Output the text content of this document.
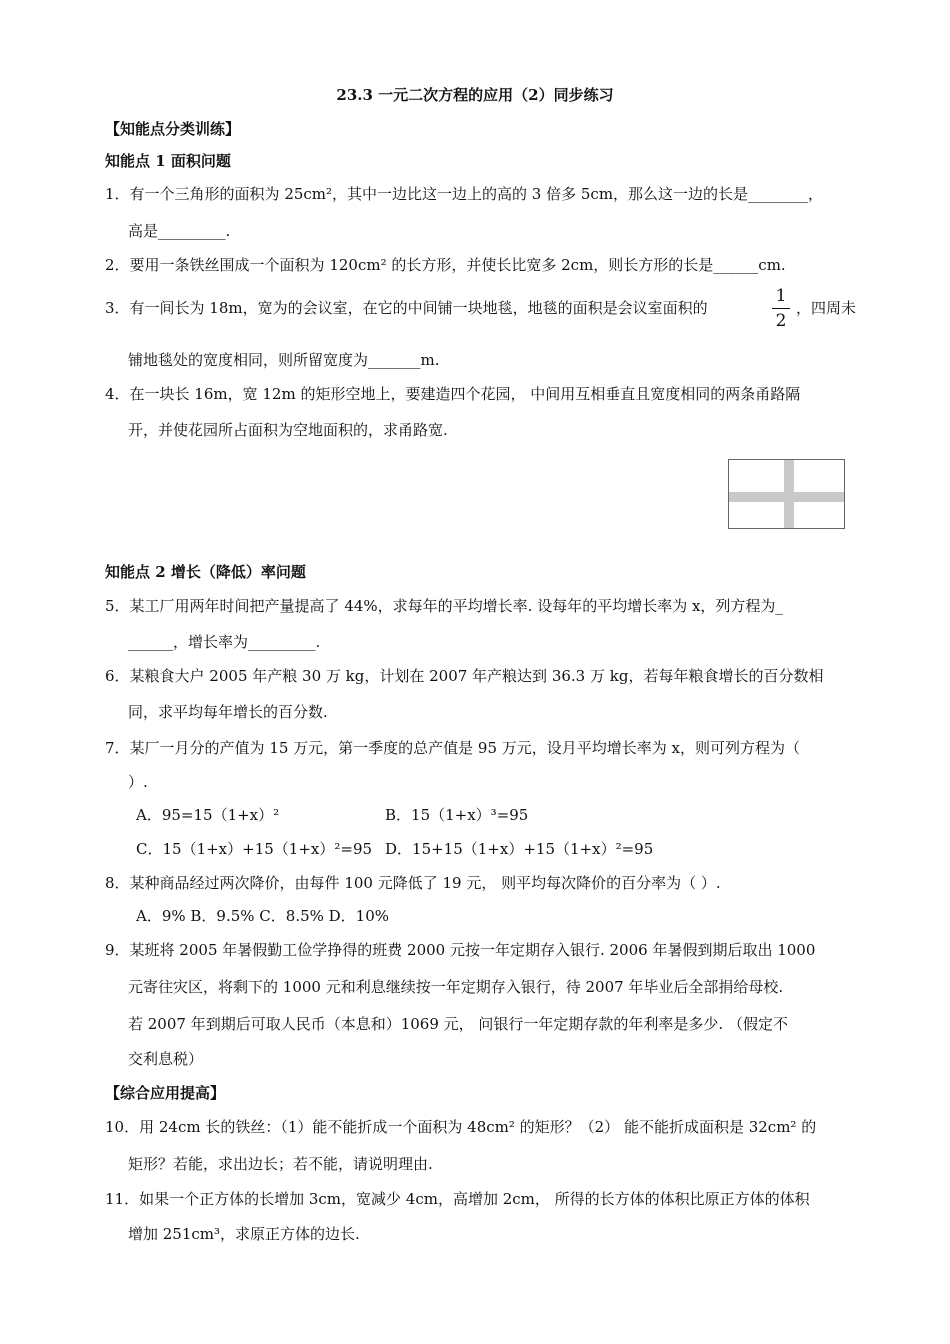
23.3 一元二次方程的应用（2）同步练习
【知能点分类训练】
知能点 1 面积问题
1．有一个三角形的面积为 25cm²，其中一边比这一边上的高的 3 倍多 5cm，那么这一边的长是________，
高是_________.
2．要用一条铁丝围成一个面积为 120cm² 的长方形，并使长比宽多 2cm，则长方形的长是______cm.
3．有一间长为 18m，宽为的会议室，在它的中间铺一块地毯，地毯的面积是会议室面积的
1
2
，四周未
铺地毯处的宽度相同，则所留宽度为_______m.
4．在一块长 16m，宽 12m 的矩形空地上，要建造四个花园， 中间用互相垂直且宽度相同的两条甬路隔
开，并使花园所占面积为空地面积的，求甬路宽.
知能点 2 增长（降低）率问题
5．某工厂用两年时间把产量提高了 44%，求每年的平均增长率. 设每年的平均增长率为 x，列方程为_
______，增长率为_________.
6．某粮食大户 2005 年产粮 30 万 kg，计划在 2007 年产粮达到 36.3 万 kg，若每年粮食增长的百分数相
同，求平均每年增长的百分数.
7．某厂一月分的产值为 15 万元，第一季度的总产值是 95 万元，设月平均增长率为 x，则可列方程为（
）.
A．95=15（1+x）²	B．15（1+x）³=95
C．15（1+x）+15（1+x）²=95 D．15+15（1+x）+15（1+x）²=95
8．某种商品经过两次降价，由每件 100 元降低了 19 元， 则平均每次降价的百分率为（ ）.
A．9% B．9.5% C．8.5% D．10%
9．某班将 2005 年暑假勤工俭学挣得的班费 2000 元按一年定期存入银行. 2006 年暑假到期后取出 1000
元寄往灾区，将剩下的 1000 元和利息继续按一年定期存入银行，待 2007 年毕业后全部捐给母校.
若 2007 年到期后可取人民币（本息和）1069 元， 问银行一年定期存款的年利率是多少. （假定不
交利息税）
【综合应用提高】
10．用 24cm 长的铁丝：（1）能不能折成一个面积为 48cm² 的矩形？（2） 能不能折成面积是 32cm² 的
矩形？若能，求出边长；若不能，请说明理由.
11．如果一个正方体的长增加 3cm，宽减少 4cm，高增加 2cm， 所得的长方体的体积比原正方体的体积
增加 251cm³，求原正方体的边长.
